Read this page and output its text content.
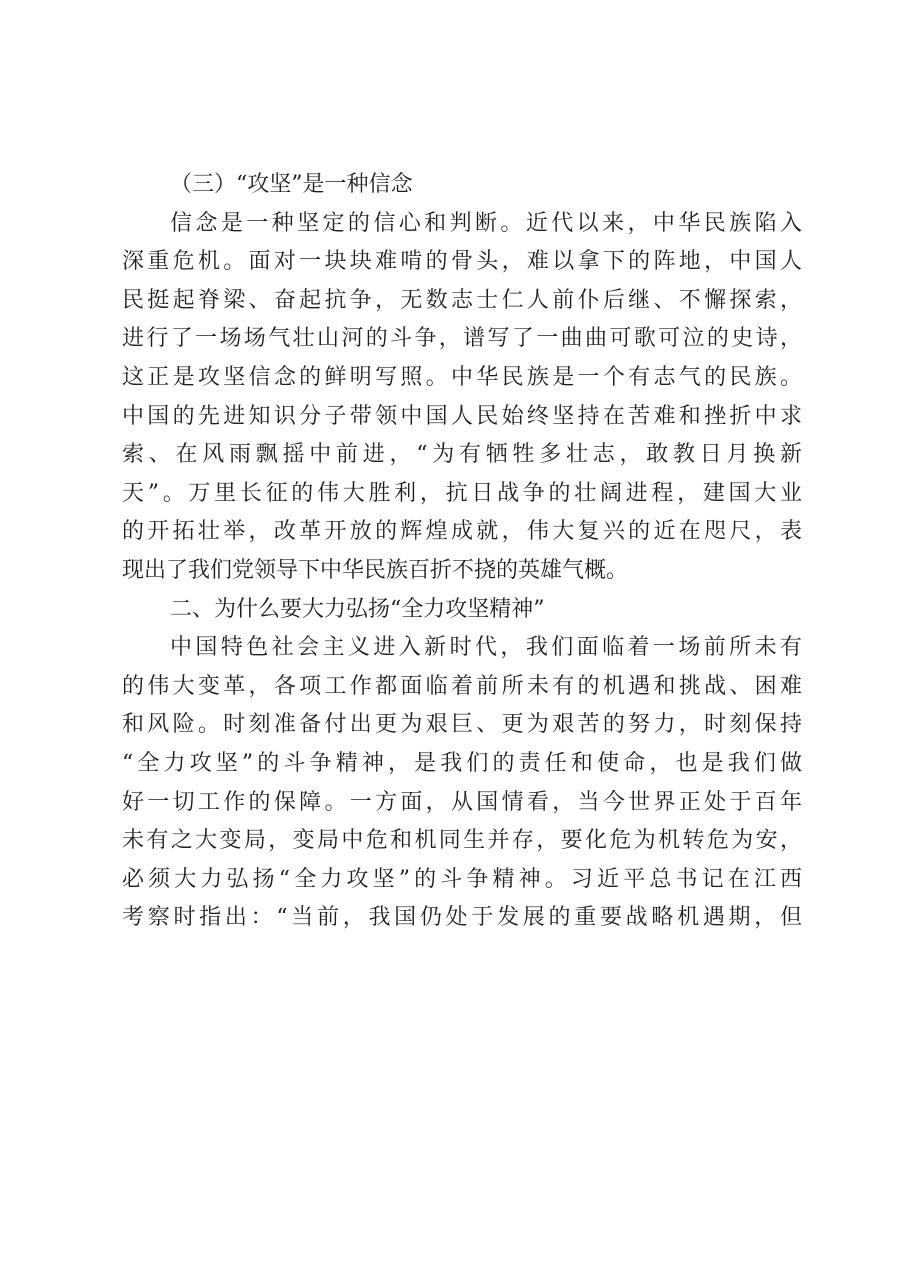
（三）“攻坚”是一种信念
信念是一种坚定的信心和判断。近代以来，中华民族陷入
深重危机。面对一块块难啃的骨头，难以拿下的阵地，中国人
民挺起脊梁、奋起抗争，无数志士仁人前仆后继、不懈探索，
进行了一场场气壮山河的斗争，谱写了一曲曲可歌可泣的史诗，
这正是攻坚信念的鲜明写照。中华民族是一个有志气的民族。
中国的先进知识分子带领中国人民始终坚持在苦难和挫折中求
索、在风雨飘摇中前进，“为有牺牲多壮志，敢教日月换新
天”。万里长征的伟大胜利，抗日战争的壮阔进程，建国大业
的开拓壮举，改革开放的辉煌成就，伟大复兴的近在咫尺，表
现出了我们党领导下中华民族百折不挠的英雄气概。
二、为什么要大力弘扬“全力攻坚精神”
中国特色社会主义进入新时代，我们面临着一场前所未有
的伟大变革，各项工作都面临着前所未有的机遇和挑战、困难
和风险。时刻准备付出更为艰巨、更为艰苦的努力，时刻保持
“全力攻坚”的斗争精神，是我们的责任和使命，也是我们做
好一切工作的保障。一方面，从国情看，当今世界正处于百年
未有之大变局，变局中危和机同生并存，要化危为机转危为安，
必须大力弘扬“全力攻坚”的斗争精神。习近平总书记在江西
考察时指出：“当前，我国仍处于发展的重要战略机遇期，但
